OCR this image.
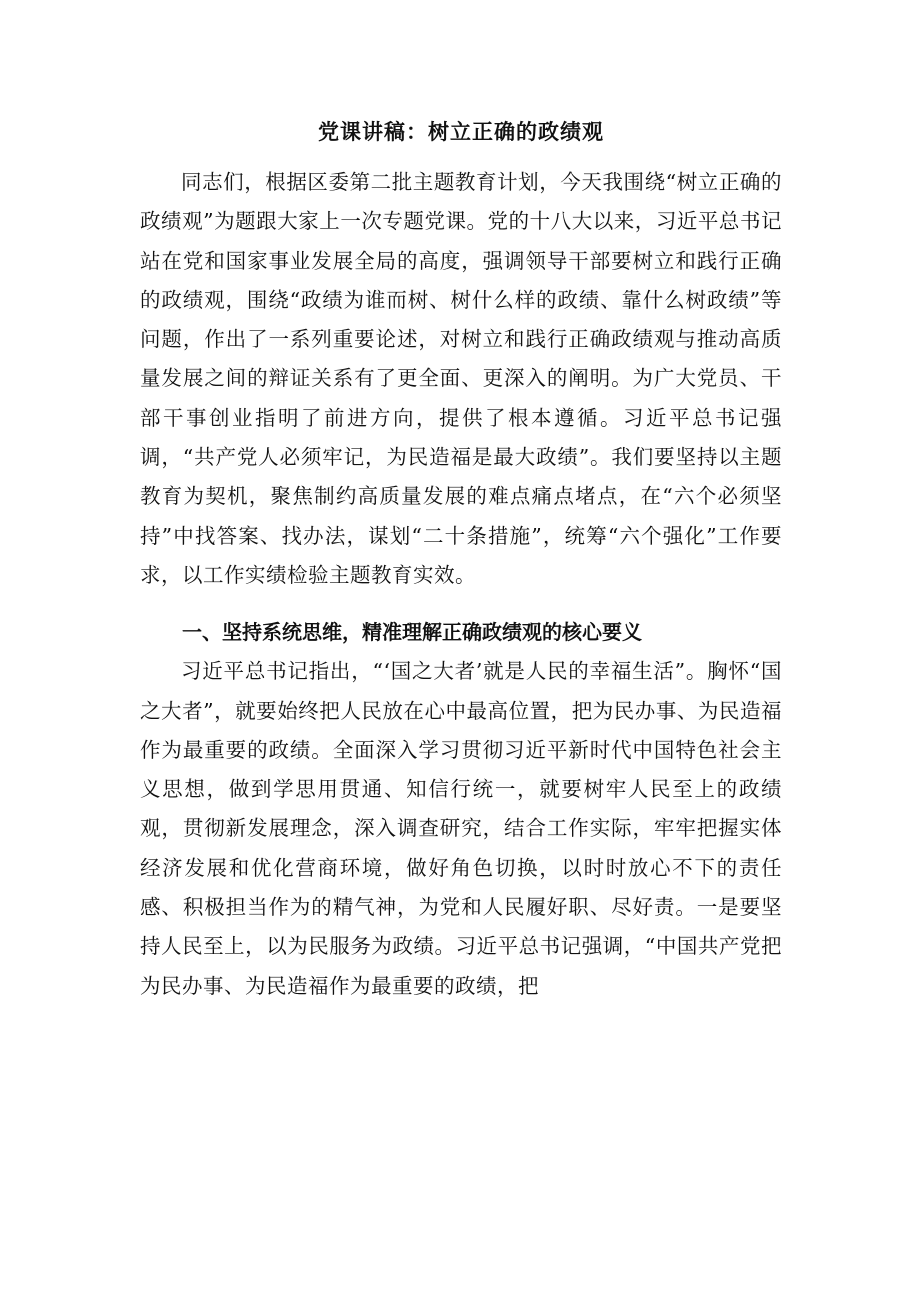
党课讲稿：树立正确的政绩观

同志们，根据区委第二批主题教育计划，今天我围绕“树立正确的政绩观”为题跟大家上一次专题党课。党的十八大以来，习近平总书记站在党和国家事业发展全局的高度，强调领导干部要树立和践行正确的政绩观，围绕“政绩为谁而树、树什么样的政绩、靠什么树政绩”等问题，作出了一系列重要论述，对树立和践行正确政绩观与推动高质量发展之间的辩证关系有了更全面、更深入的阐明。为广大党员、干部干事创业指明了前进方向，提供了根本遵循。习近平总书记强调，“共产党人必须牢记，为民造福是最大政绩”。我们要坚持以主题教育为契机，聚焦制约高质量发展的难点痛点堵点，在“六个必须坚持”中找答案、找办法，谋划“二十条措施”，统筹“六个强化”工作要求，以工作实绩检验主题教育实效。

一、坚持系统思维，精准理解正确政绩观的核心要义

习近平总书记指出，“‘国之大者’就是人民的幸福生活”。胸怀“国之大者”，就要始终把人民放在心中最高位置，把为民办事、为民造福作为最重要的政绩。全面深入学习贯彻习近平新时代中国特色社会主义思想，做到学思用贯通、知信行统一，就要树牢人民至上的政绩观，贯彻新发展理念，深入调查研究，结合工作实际，牢牢把握实体经济发展和优化营商环境，做好角色切换，以时时放心不下的责任感、积极担当作为的精气神，为党和人民履好职、尽好责。一是要坚持人民至上，以为民服务为政绩。习近平总书记强调，“中国共产党把为民办事、为民造福作为最重要的政绩，把
